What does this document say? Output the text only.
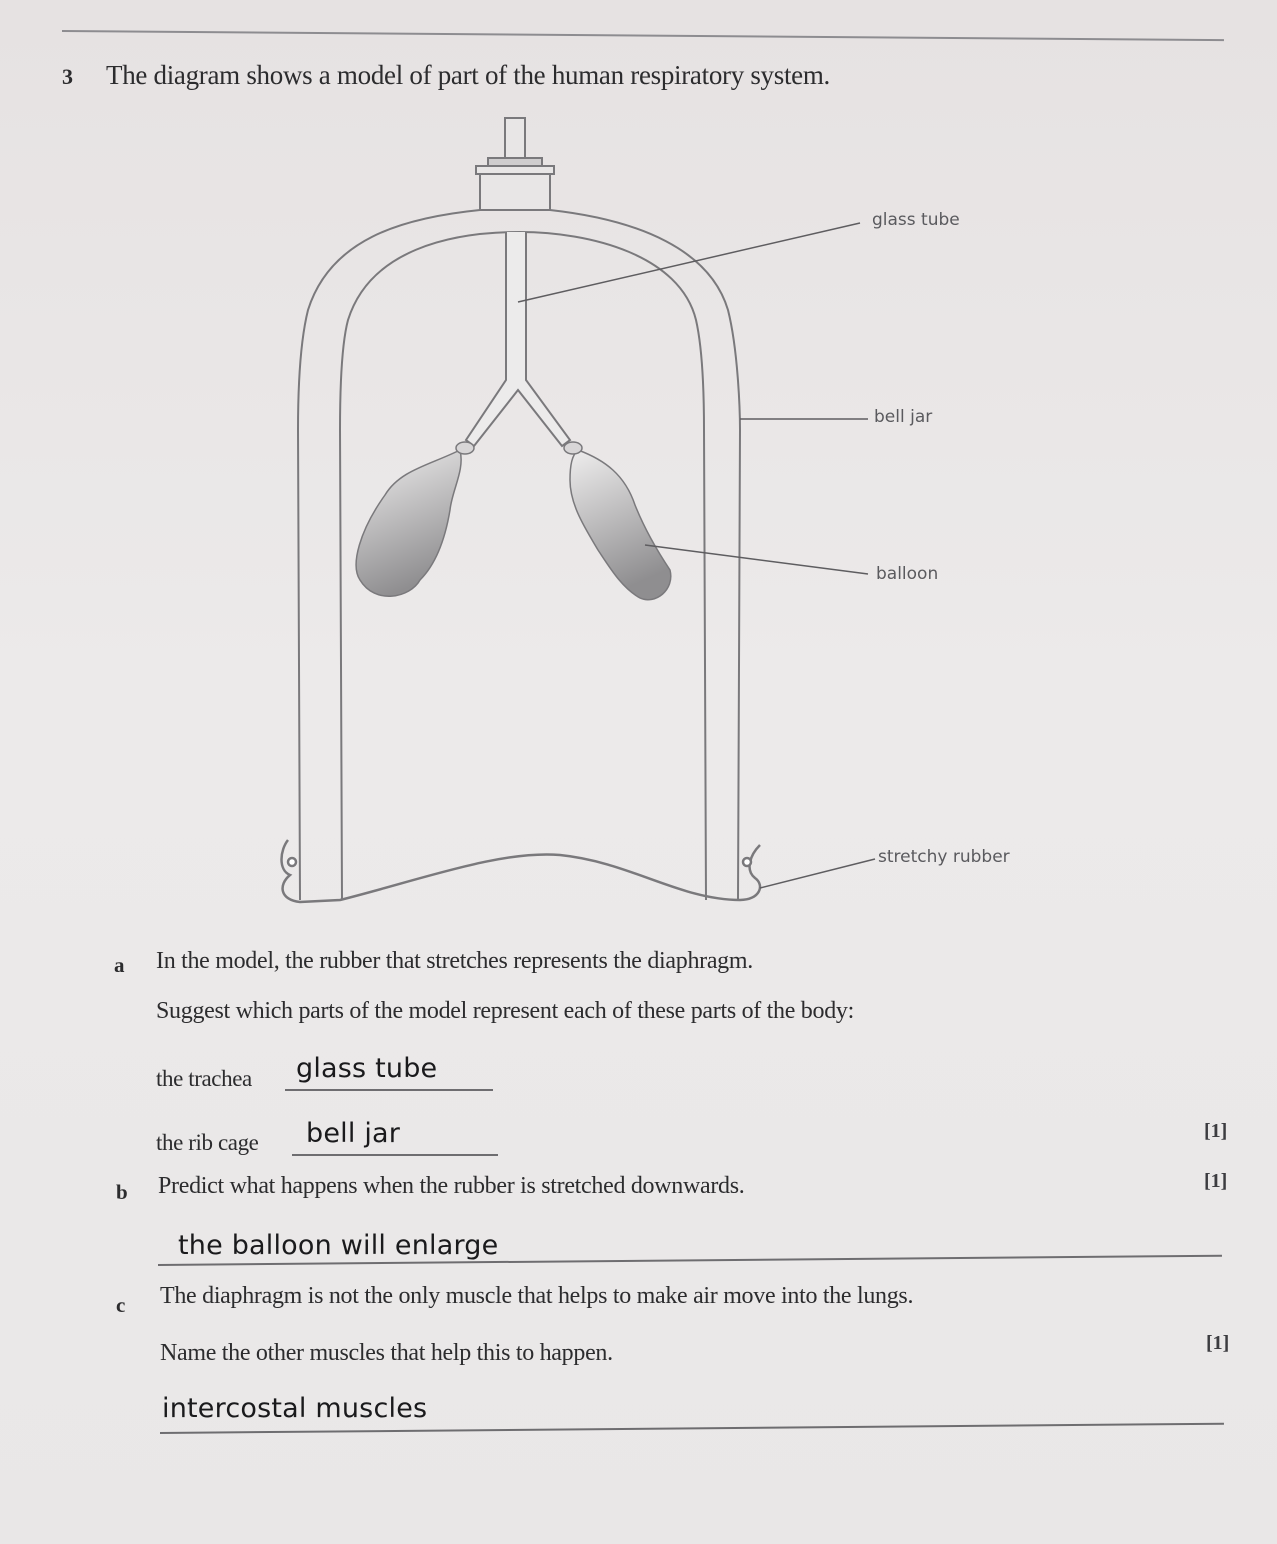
3 The diagram shows a model of part of the human respiratory system.
glass tube
bell jar
balloon
stretchy rubber
a In the model, the rubber that stretches represents the diaphragm.
Suggest which parts of the model represent each of these parts of the body:
the trachea glass tube
the rib cage bell jar	[1]
b Predict what happens when the rubber is stretched downwards.	[1]
the balloon will enlarge
c The diaphragm is not the only muscle that helps to make air move into the lungs.
Name the other muscles that help this to happen.	[1]
intercostal muscles
